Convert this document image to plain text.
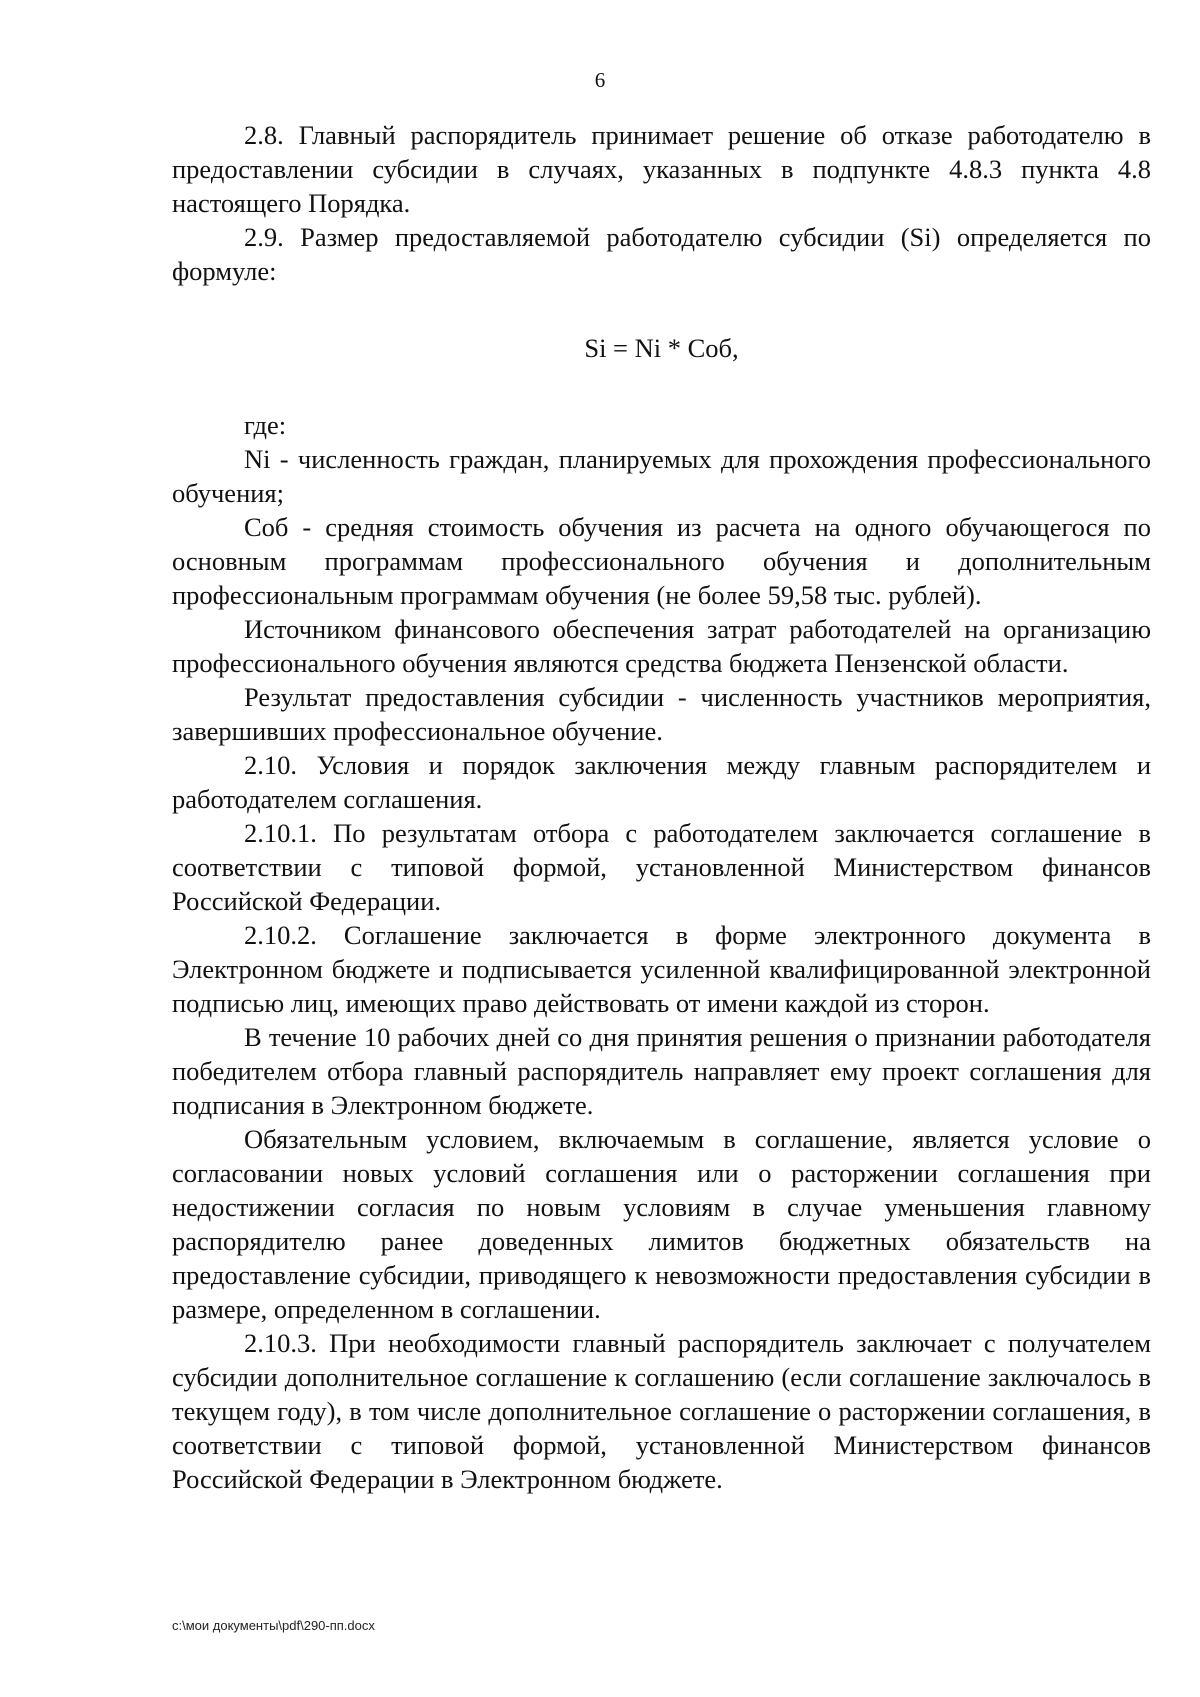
6

2.8. Главный распорядитель принимает решение об отказе работодателю в предоставлении субсидии в случаях, указанных в подпункте 4.8.3 пункта 4.8 настоящего Порядка.

2.9. Размер предоставляемой работодателю субсидии (Si) определяется по формуле:

Si = Ni * Соб,

где:

Ni - численность граждан, планируемых для прохождения профессионального обучения;

Соб - средняя стоимость обучения из расчета на одного обучающегося по основным программам профессионального обучения и дополнительным профессиональным программам обучения (не более 59,58 тыс. рублей).

Источником финансового обеспечения затрат работодателей на организацию профессионального обучения являются средства бюджета Пензенской области.

Результат предоставления субсидии - численность участников мероприятия, завершивших профессиональное обучение.

2.10. Условия и порядок заключения между главным распорядителем и работодателем соглашения.

2.10.1. По результатам отбора с работодателем заключается соглашение в соответствии с типовой формой, установленной Министерством финансов Российской Федерации.

2.10.2. Соглашение заключается в форме электронного документа в Электронном бюджете и подписывается усиленной квалифицированной электронной подписью лиц, имеющих право действовать от имени каждой из сторон.

В течение 10 рабочих дней со дня принятия решения о признании работодателя победителем отбора главный распорядитель направляет ему проект соглашения для подписания в Электронном бюджете.

Обязательным условием, включаемым в соглашение, является условие о согласовании новых условий соглашения или о расторжении соглашения при недостижении согласия по новым условиям в случае уменьшения главному распорядителю ранее доведенных лимитов бюджетных обязательств на предоставление субсидии, приводящего к невозможности предоставления субсидии в размере, определенном в соглашении.

2.10.3. При необходимости главный распорядитель заключает с получателем субсидии дополнительное соглашение к соглашению (если соглашение заключалось в текущем году), в том числе дополнительное соглашение о расторжении соглашения, в соответствии с типовой формой, установленной Министерством финансов Российской Федерации в Электронном бюджете.

c:\мои документы\pdf\290-пп.docx
